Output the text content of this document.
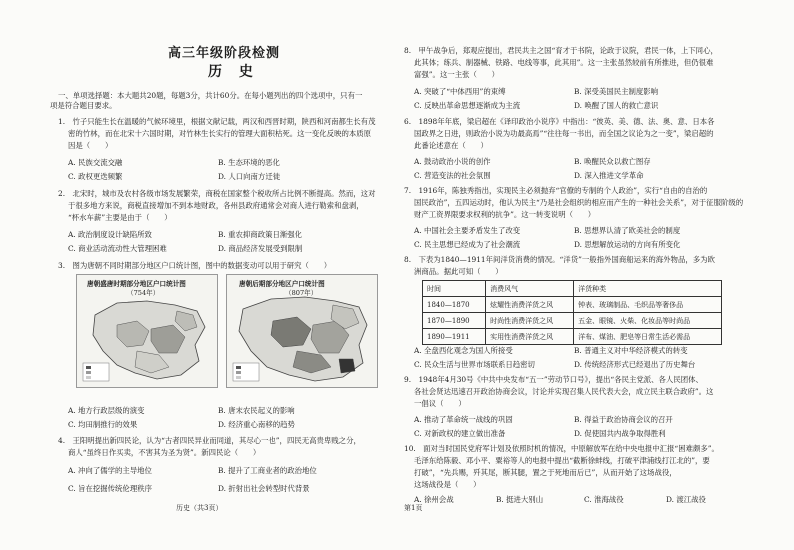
高三年级阶段检测
历 史
一、单项选择题：本大题共20题，每题3分，共计60分。在每小题列出的四个选项中，只有一
项是符合题目要求。
1.　竹子只能生长在温暖的气候环境里，根据文献记载，两汉和西晋时期，陕西和河南都生长有茂
密的竹林，而在北宋十六国时期，对竹林生长实行的管理大面积枯死。这一变化反映的本质原
因是（　　）
A. 民族交流交融	B. 生态环境的恶化
C. 政权更迭频繁	D. 人口向南方迁徙
2.　北宋时，城市及农村各级市场发展繁荣，商税在国家整个税收所占比例不断提高。然而，这对
于很多地方来说，商税直接增加不到本地财政，各州县政府通常会对商人进行勒索和盘剥，
“杯水车薪”主要是由于（　　）
A. 政治制度设计缺陷所致	B. 重农抑商政策日渐强化
C. 商业活动流动性大管理困难	D. 商品经济发展受到限制
3.　图为唐朝不同时期部分地区户口统计图，图中的数据变动可以用于研究（　　）
唐朝盛唐时期部分地区户口统计图
（754年）
唐朝后期部分地区户口统计图
（807年）
A. 地方行政层级的演变	B. 唐末农民起义的影响
C. 均田制推行的效果	D. 经济重心南移的趋势
4.　王阳明提出新四民论，认为“古者四民异业而同道，其尽心一也”，四民无高贵卑贱之分，
商人“虽终日作买卖，不害其为圣为贤”。新四民论（　　）
A. 冲向了儒学的主导地位	B. 提升了工商业者的政治地位
C. 旨在挖掘传统伦理秩序	D. 折射出社会转型时代背景
历史（共3页）
8.　甲午战争后，郑观应提出，君民共主之国“育才于书院，论政于议院，君民一体，上下同心，
此其体；练兵、制器械、铁路、电线等事，此其用”。这一主张虽然较前有所推进，但仍很难
富强”。这一主张（　　）
A. 突破了“中体西用”的束缚	B. 深受美国民主制度影响
C. 反映出革命思想逐渐成为主流	D. 唤醒了国人的救亡意识
6.　1898年年底，梁启超在《译印政治小说序》中指出：“彼英、美、德、法、奥、意、日本各
国政界之日进，则政治小说为功最高焉”“往往每一书出，而全国之议论为之一变”，梁启超的
此番论述意在（　　）
A. 鼓动政治小说的创作	B. 唤醒民众以救亡图存
C. 营造变法的社会氛围	D. 深入推进文学革命
7.　1916年，陈独秀指出，实现民主必须抛弃“官僚的专制的个人政治”，实行“自由的自治的
国民政治”，五四运动时，他认为民主“乃是社会组织的相应而产生的一种社会关系”，对于征服阶级的
财产工资界限要求权利的抗争”。这一转变说明（　　）
A. 中国社会主要矛盾发生了改变	B. 思想界认清了欧美社会的制度
C. 民主思想已经成为了社会潮流	D. 思想解放运动的方向有所变化
8.　下表为1840—1911年间洋货消费的情况。“洋货”一般指外国商船运来的海外物品，多为欧
洲商品。据此可知（　　）
时间	消费风气	洋货种类
1840—1870	炫耀性消费洋货之风	钟表、玻璃制品、毛织品等奢侈品
1870—1890	时尚性消费洋货之风	五金、眼镜、火柴、化妆品等时尚品
1890—1911	实用性消费洋货之风	洋布、煤油、肥皂等日常生活必需品
A. 全盘西化观念为国人所接受	B. 普通主义对中华经济模式的转变
C. 民众生活与世界市场联系日趋密切	D. 传统经济形式已经退出了历史舞台
9.　1948年4月30号《中共中央发布“五一”劳动节口号》，提出“各民主党派、各人民团体、
各社会贤达迅速召开政治协商会议，讨论并实现召集人民代表大会，成立民主联合政府”。这
一倡议（　　）
A. 推动了革命统一战线的巩固	B. 得益于政治协商会议的召开
C. 对新政权的建立做出准备	D. 促使国共内战争取得胜利
10.　面对当时国民党府军计划及依照时机的情况，中原解放军在给中央电报中汇报“困难颇多”。
毛泽东给陈毅、邓小平、粟裕等人的电报中提出“截断徐蚌线，打破平津浦线打江北的”，要
打破”，“先兵赐，歼其尾，断其腿，置之于死地而后已”，从而开始了这场战役，
这场战役是（　　）
A. 徐州会战	B. 挺进大别山	C. 淮海战役	D. 渡江战役
第1页
